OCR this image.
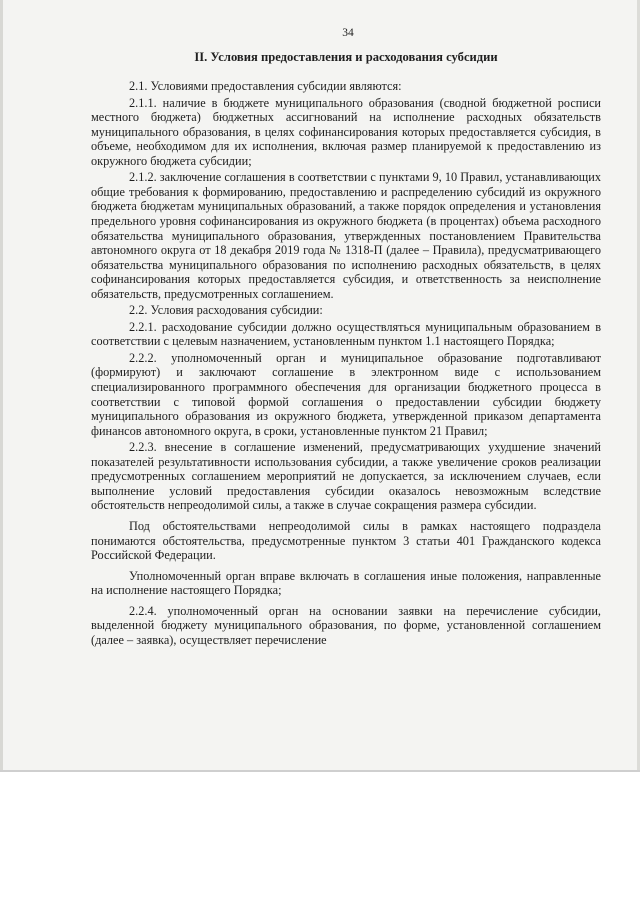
34
II. Условия предоставления и расходования субсидии

2.1. Условиями предоставления субсидии являются:

2.1.1. наличие в бюджете муниципального образования (сводной бюджетной росписи местного бюджета) бюджетных ассигнований на исполнение расходных обязательств муниципального образования, в целях софинансирования которых предоставляется субсидия, в объеме, необходимом для их исполнения, включая размер планируемой к предоставлению из окружного бюджета субсидии;

2.1.2. заключение соглашения в соответствии с пунктами 9, 10 Правил, устанавливающих общие требования к формированию, предоставлению и распределению субсидий из окружного бюджета бюджетам муниципальных образований, а также порядок определения и установления предельного уровня софинансирования из окружного бюджета (в процентах) объема расходного обязательства муниципального образования, утвержденных постановлением Правительства автономного округа от 18 декабря 2019 года № 1318-П (далее – Правила), предусматривающего обязательства муниципального образования по исполнению расходных обязательств, в целях софинансирования которых предоставляется субсидия, и ответственность за неисполнение обязательств, предусмотренных соглашением.

2.2. Условия расходования субсидии:

2.2.1. расходование субсидии должно осуществляться муниципальным образованием в соответствии с целевым назначением, установленным пунктом 1.1 настоящего Порядка;

2.2.2. уполномоченный орган и муниципальное образование подготавливают (формируют) и заключают соглашение в электронном виде с использованием специализированного программного обеспечения для организации бюджетного процесса в соответствии с типовой формой соглашения о предоставлении субсидии бюджету муниципального образования из окружного бюджета, утвержденной приказом департамента финансов автономного округа, в сроки, установленные пунктом 21 Правил;

2.2.3. внесение в соглашение изменений, предусматривающих ухудшение значений показателей результативности использования субсидии, а также увеличение сроков реализации предусмотренных соглашением мероприятий не допускается, за исключением случаев, если выполнение условий предоставления субсидии оказалось невозможным вследствие обстоятельств непреодолимой силы, а также в случае сокращения размера субсидии.

Под обстоятельствами непреодолимой силы в рамках настоящего подраздела понимаются обстоятельства, предусмотренные пунктом 3 статьи 401 Гражданского кодекса Российской Федерации.

Уполномоченный орган вправе включать в соглашения иные положения, направленные на исполнение настоящего Порядка;

2.2.4. уполномоченный орган на основании заявки на перечисление субсидии, выделенной бюджету муниципального образования, по форме, установленной соглашением (далее – заявка), осуществляет перечисление
